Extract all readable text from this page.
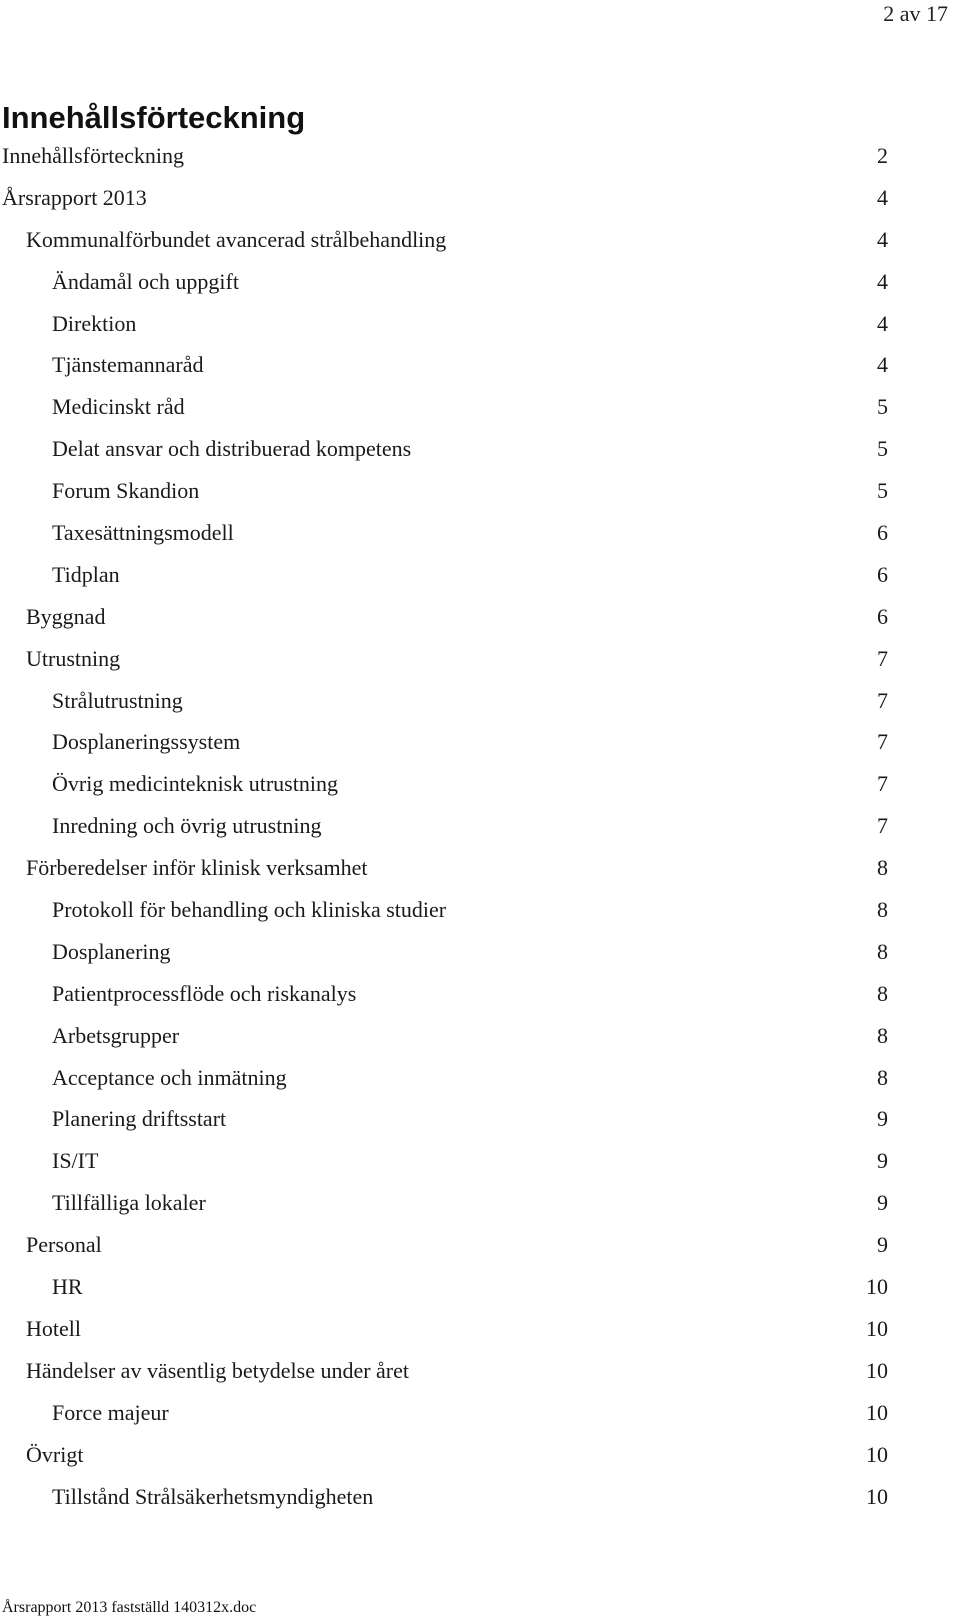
2 av 17
Innehållsförteckning
Innehållsförteckning	2
Årsrapport 2013	4
Kommunalförbundet avancerad strålbehandling	4
Ändamål och uppgift	4
Direktion	4
Tjänstemannaråd	4
Medicinskt råd	5
Delat ansvar och distribuerad kompetens	5
Forum Skandion	5
Taxesättningsmodell	6
Tidplan	6
Byggnad	6
Utrustning	7
Strålutrustning	7
Dosplaneringssystem	7
Övrig medicinteknisk utrustning	7
Inredning och övrig utrustning	7
Förberedelser inför klinisk verksamhet	8
Protokoll för behandling och kliniska studier	8
Dosplanering	8
Patientprocessflöde och riskanalys	8
Arbetsgrupper	8
Acceptance och inmätning	8
Planering driftsstart	9
IS/IT	9
Tillfälliga lokaler	9
Personal	9
HR	10
Hotell	10
Händelser av väsentlig betydelse under året	10
Force majeur	10
Övrigt	10
Tillstånd Strålsäkerhetsmyndigheten	10
Årsrapport 2013 fastställd 140312x.doc
